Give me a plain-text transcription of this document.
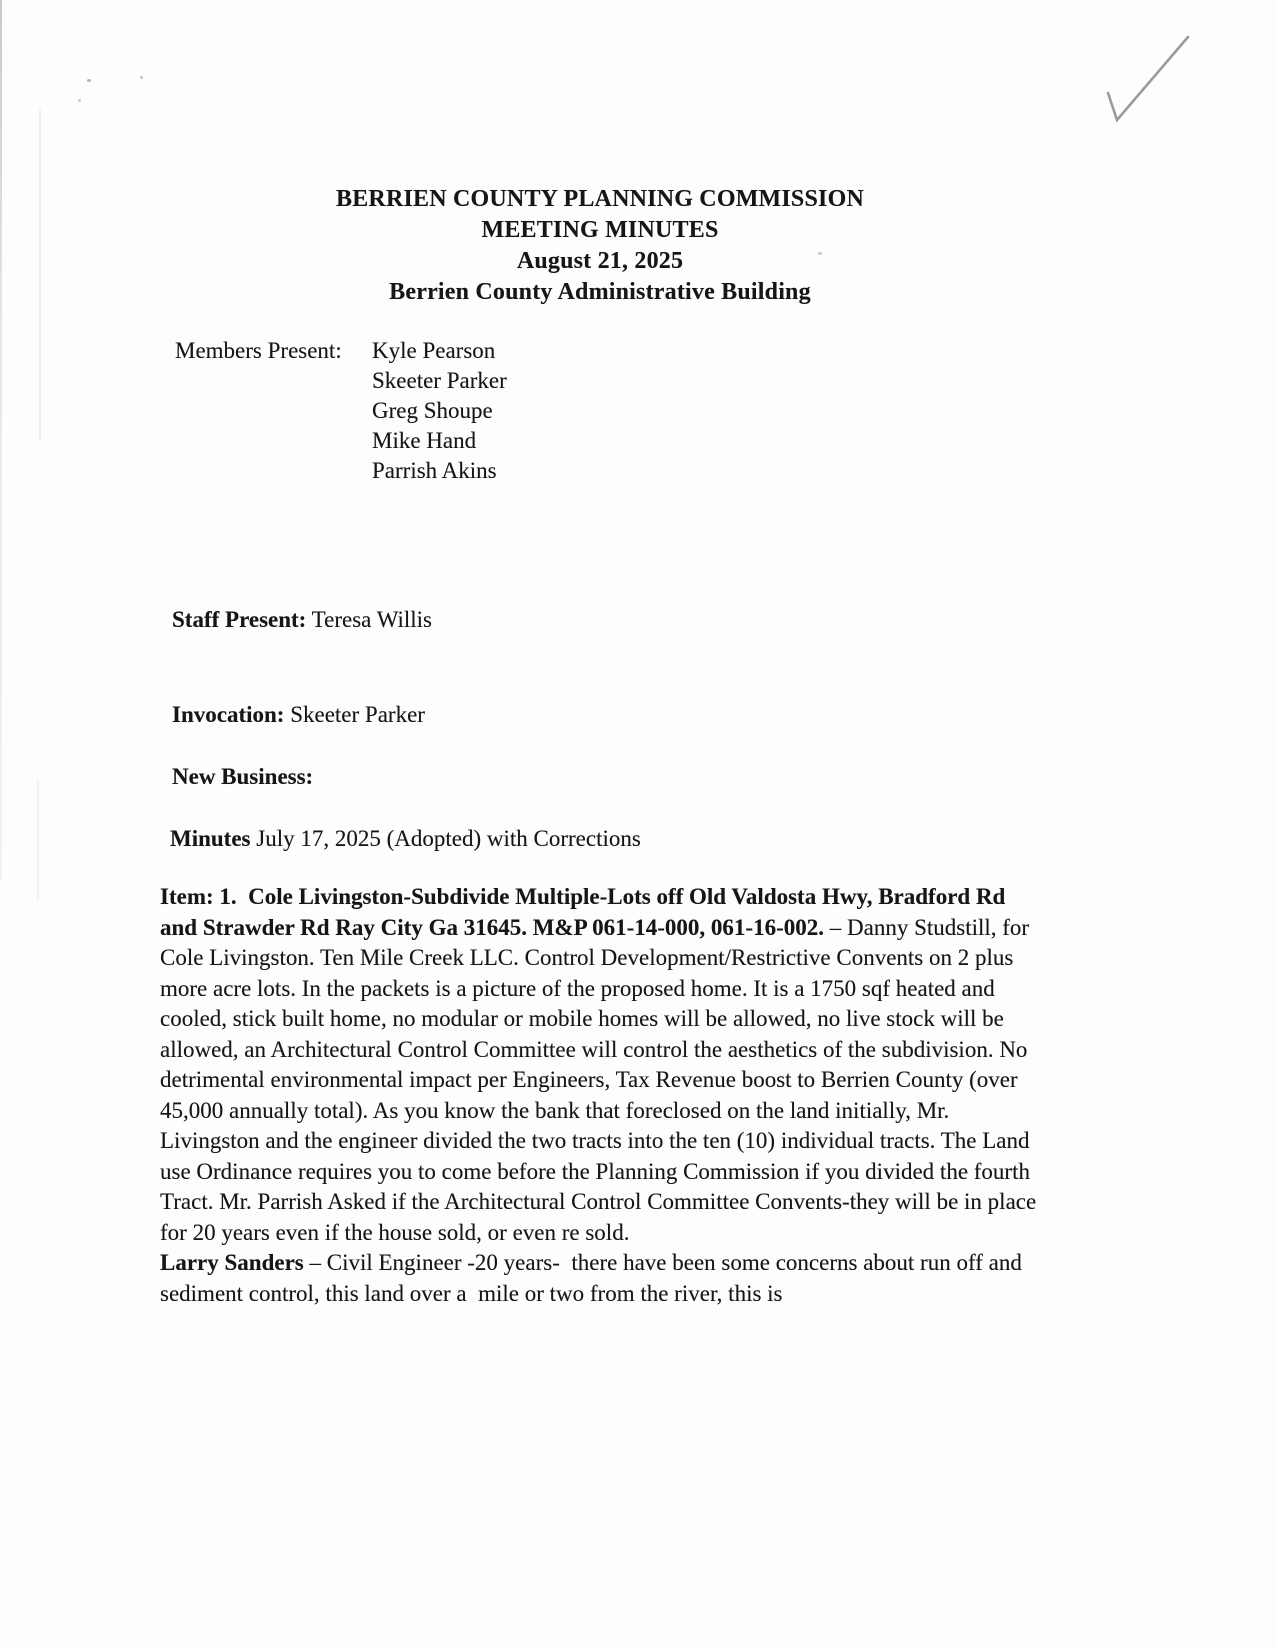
BERRIEN COUNTY PLANNING COMMISSION
MEETING MINUTES
August 21, 2025
Berrien County Administrative Building
Members Present:	Kyle Pearson
Skeeter Parker
Greg Shoupe
Mike Hand
Parrish Akins
Staff Present: Teresa Willis
Invocation: Skeeter Parker
New Business:
Minutes July 17, 2025 (Adopted) with Corrections

Item: 1.  Cole Livingston-Subdivide Multiple-Lots off Old Valdosta Hwy, Bradford Rd and Strawder Rd Ray City Ga 31645. M&P 061-14-000, 061-16-002. – Danny Studstill, for Cole Livingston. Ten Mile Creek LLC. Control Development/Restrictive Convents on 2 plus more acre lots. In the packets is a picture of the proposed home. It is a 1750 sqf heated and cooled, stick built home, no modular or mobile homes will be allowed, no live stock will be allowed, an Architectural Control Committee will control the aesthetics of the subdivision. No detrimental environmental impact per Engineers, Tax Revenue boost to Berrien County (over 45,000 annually total). As you know the bank that foreclosed on the land initially, Mr. Livingston and the engineer divided the two tracts into the ten (10) individual tracts. The Land use Ordinance requires you to come before the Planning Commission if you divided the fourth Tract. Mr. Parrish Asked if the Architectural Control Committee Convents-they will be in place for 20 years even if the house sold, or even re sold.

Larry Sanders – Civil Engineer -20 years-  there have been some concerns about run off and sediment control, this land over a  mile or two from the river, this is
